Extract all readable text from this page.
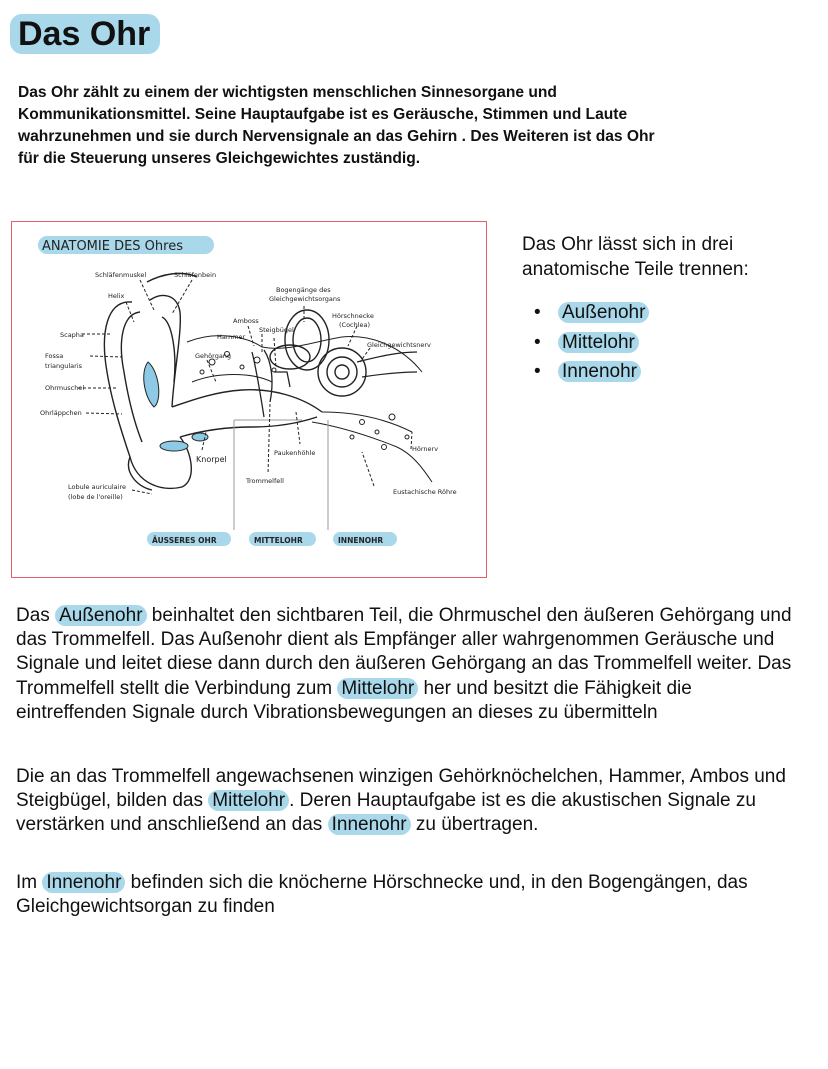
Das Ohr

Das Ohr zählt zu einem der wichtigsten menschlichen Sinnesorgane und Kommunikationsmittel. Seine Hauptaufgabe ist es Geräusche, Stimmen und Laute wahrzunehmen und sie durch Nervensignale an das Gehirn . Des Weiteren ist das Ohr für die Steuerung unseres Gleichgewichtes zuständig.

ANATOMIE DES Ohres
Schläfenmuskel	Schläfenbein
Helix
Bogengänge des
Gleichgewichtsorgans
Amboss
Hammer
Steigbügel
Hörschnecke
(Cochlea)
Scapha
Gleichgewichtsnerv
Gehörgang
Fossa
triangularis
Ohrmuschel
Ohrläppchen
Knorpel
Paukenhöhle	Hörnerv
Trommelfell
Lobule auriculaire
(lobe de l'oreille)
Eustachische Röhre
ÄUSSERES OHR	MITTELOHR	INNENOHR

Das Ohr lässt sich in drei anatomische Teile trennen:

• Außenohr
• Mittelohr
• Innenohr

Das Außenohr beinhaltet den sichtbaren Teil, die Ohrmuschel den äußeren Gehörgang und das Trommelfell. Das Außenohr dient als Empfänger aller wahrgenommen Geräusche und Signale und leitet diese dann durch den äußeren Gehörgang an das Trommelfell weiter. Das Trommelfell stellt die Verbindung zum Mittelohr her und besitzt die Fähigkeit die eintreffenden Signale durch Vibrationsbewegungen an dieses zu übermitteln

Die an das Trommelfell angewachsenen winzigen Gehörknöchelchen, Hammer, Ambos und Steigbügel, bilden das Mittelohr . Deren Hauptaufgabe ist es die akustischen Signale zu verstärken und anschließend an das Innenohr zu übertragen.

Im Innenohr befinden sich die knöcherne Hörschnecke und, in den Bogengängen, das Gleichgewichtsorgan zu finden
